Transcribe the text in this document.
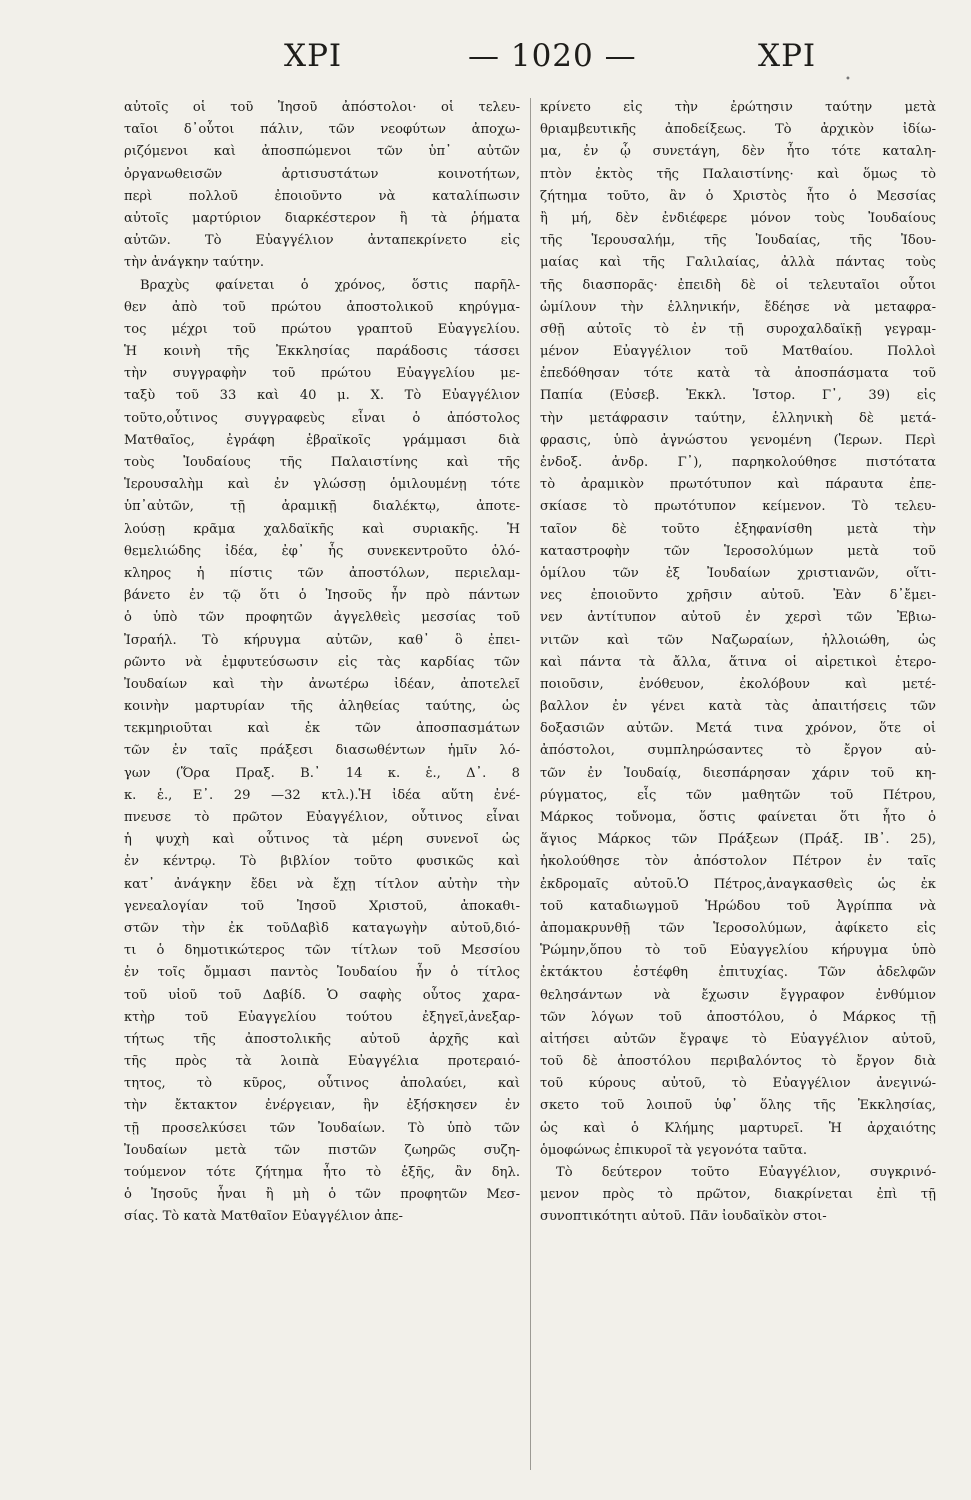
ΧΡΙ	— 1020 —	ΧΡΙ
•
αὐτοῖς οἱ τοῦ Ἰησοῦ ἀπόστολοι· οἱ τελευ-
ταῖοι δ᾽οὗτοι πάλιν, τῶν νεοφύτων ἀποχω-
ριζόμενοι καὶ ἀποσπώμενοι τῶν ὑπ᾽ αὐτῶν
ὀργανωθεισῶν ἀρτισυστάτων κοινοτήτων,
περὶ πολλοῦ ἐποιοῦντο νὰ καταλίπωσιν
αὐτοῖς μαρτύριον διαρκέστερον ἢ τὰ ῥήματα
αὐτῶν. Τὸ Εὐαγγέλιον ἀνταπεκρίνετο εἰς
τὴν ἀνάγκην ταύτην.
Βραχὺς φαίνεται ὁ χρόνος, ὅστις παρῆλ-
θεν ἀπὸ τοῦ πρώτου ἀποστολικοῦ κηρύγμα-
τος μέχρι τοῦ πρώτου γραπτοῦ Εὐαγγελίου.
Ἡ κοινὴ τῆς Ἐκκλησίας παράδοσις τάσσει
τὴν συγγραφὴν τοῦ πρώτου Εὐαγγελίου με-
ταξὺ τοῦ 33 καὶ 40 μ. Χ. Τὸ Εὐαγγέλιον
τοῦτο,οὗτινος συγγραφεὺς εἶναι ὁ ἀπόστολος
Ματθαῖος, ἐγράφη ἑβραϊκοῖς γράμμασι διὰ
τοὺς Ἰουδαίους τῆς Παλαιστίνης καὶ τῆς
Ἱερουσαλὴμ καὶ ἐν γλώσσῃ ὁμιλουμένῃ τότε
ὑπ᾽αὐτῶν, τῇ ἀραμικῇ διαλέκτῳ, ἀποτε-
λούσῃ κρᾶμα χαλδαϊκῆς καὶ συριακῆς. Ἡ
θεμελιώδης ἰδέα, ἐφ᾽ ἧς συνεκεντροῦτο ὁλό-
κληρος ἡ πίστις τῶν ἀποστόλων, περιελαμ-
βάνετο ἐν τῷ ὅτι ὁ Ἰησοῦς ἦν πρὸ πάντων
ὁ ὑπὸ τῶν προφητῶν ἀγγελθεὶς μεσσίας τοῦ
Ἰσραήλ. Τὸ κήρυγμα αὐτῶν, καθ᾽ ὃ ἐπει-
ρῶντο νὰ ἐμφυτεύσωσιν εἰς τὰς καρδίας τῶν
Ἰουδαίων καὶ τὴν ἀνωτέρω ἰδέαν, ἀποτελεῖ
κοινὴν μαρτυρίαν τῆς ἀληθείας ταύτης, ὡς
τεκμηριοῦται καὶ ἐκ τῶν ἀποσπασμάτων
τῶν ἐν ταῖς πράξεσι διασωθέντων ἡμῖν λό-
γων (Ὅρα Πραξ. Β.᾽ 14 κ. ἑ., Δ᾽. 8
κ. ἑ., Ε᾽. 29 —32 κτλ.).Ἡ ἰδέα αὕτη ἐνέ-
πνευσε τὸ πρῶτον Εὐαγγέλιον, οὗτινος εἶναι
ἡ ψυχὴ καὶ οὗτινος τὰ μέρη συνενοῖ ὡς
ἐν κέντρῳ. Τὸ βιβλίον τοῦτο φυσικῶς καὶ
κατ᾽ ἀνάγκην ἔδει νὰ ἔχῃ τίτλον αὐτὴν τὴν
γενεαλογίαν τοῦ Ἰησοῦ Χριστοῦ, ἀποκαθι-
στῶν τὴν ἐκ τοῦΔαβὶδ καταγωγὴν αὐτοῦ,διό-
τι ὁ δημοτικώτερος τῶν τίτλων τοῦ Μεσσίου
ἐν τοῖς ὄμμασι παντὸς Ἰουδαίου ἦν ὁ τίτλος
τοῦ υἱοῦ τοῦ Δαβίδ. Ὁ σαφὴς οὗτος χαρα-
κτὴρ τοῦ Εὐαγγελίου τούτου ἐξηγεῖ,ἀνεξαρ-
τήτως τῆς ἀποστολικῆς αὐτοῦ ἀρχῆς καὶ
τῆς πρὸς τὰ λοιπὰ Εὐαγγέλια προτεραιό-
τητος, τὸ κῦρος, οὗτινος ἀπολαύει, καὶ
τὴν ἔκτακτον ἐνέργειαν, ἣν ἐξήσκησεν ἐν
τῇ προσελκύσει τῶν Ἰουδαίων. Τὸ ὑπὸ τῶν
Ἰουδαίων μετὰ τῶν πιστῶν ζωηρῶς συζη-
τούμενον τότε ζήτημα ἦτο τὸ ἑξῆς, ἂν δηλ.
ὁ Ἰησοῦς ἦναι ἢ μὴ ὁ τῶν προφητῶν Μεσ-
σίας. Τὸ κατὰ Ματθαῖον Εὐαγγέλιον ἀπε-
κρίνετο εἰς τὴν ἐρώτησιν ταύτην μετὰ
θριαμβευτικῆς ἀποδείξεως. Τὸ ἀρχικὸν ἰδίω-
μα, ἐν ᾧ συνετάγη, δὲν ἦτο τότε καταλη-
πτὸν ἐκτὸς τῆς Παλαιστίνης· καὶ ὅμως τὸ
ζήτημα τοῦτο, ἂν ὁ Χριστὸς ἦτο ὁ Μεσσίας
ἢ μή, δὲν ἐνδιέφερε μόνον τοὺς Ἰουδαίους
τῆς Ἱερουσαλήμ, τῆς Ἰουδαίας, τῆς Ἰδου-
μαίας καὶ τῆς Γαλιλαίας, ἀλλὰ πάντας τοὺς
τῆς διασπορᾶς· ἐπειδὴ δὲ οἱ τελευταῖοι οὗτοι
ὡμίλουν τὴν ἑλληνικήν, ἔδέησε νὰ μεταφρα-
σθῇ αὐτοῖς τὸ ἐν τῇ συροχαλδαϊκῇ γεγραμ-
μένον Εὐαγγέλιον τοῦ Ματθαίου. Πολλοὶ
ἐπεδόθησαν τότε κατὰ τὰ ἀποσπάσματα τοῦ
Παπία (Εὐσεβ. Ἐκκλ. Ἱστορ. Γ᾽, 39) εἰς
τὴν μετάφρασιν ταύτην, ἑλληνικὴ δὲ μετά-
φρασις, ὑπὸ ἀγνώστου γενομένη (Ἱερων. Περὶ
ἐνδοξ. ἀνδρ. Γ᾽), παρηκολούθησε πιστότατα
τὸ ἀραμικὸν πρωτότυπον καὶ πάραυτα ἐπε-
σκίασε τὸ πρωτότυπον κείμενον. Τὸ τελευ-
ταῖον δὲ τοῦτο ἐξηφανίσθη μετὰ τὴν
καταστροφὴν τῶν Ἱεροσολύμων μετὰ τοῦ
ὁμίλου τῶν ἐξ Ἰουδαίων χριστιανῶν, οἵτι-
νες ἐποιοῦντο χρῆσιν αὐτοῦ. Ἐὰν δ᾽ἔμει-
νεν ἀντίτυπον αὐτοῦ ἐν χερσὶ τῶν Ἐβιω-
νιτῶν καὶ τῶν Ναζωραίων, ἠλλοιώθη, ὡς
καὶ πάντα τὰ ἄλλα, ἅτινα οἱ αἱρετικοὶ ἑτερο-
ποιοῦσιν, ἐνόθευον, ἐκολόβουν καὶ μετέ-
βαλλον ἐν γένει κατὰ τὰς ἀπαιτήσεις τῶν
δοξασιῶν αὐτῶν. Μετά τινα χρόνον, ὅτε οἱ
ἀπόστολοι, συμπληρώσαντες τὸ ἔργον αὐ-
τῶν ἐν Ἰουδαίᾳ, διεσπάρησαν χάριν τοῦ κη-
ρύγματος, εἷς τῶν μαθητῶν τοῦ Πέτρου,
Μάρκος τοὔνομα, ὅστις φαίνεται ὅτι ἦτο ὁ
ἅγιος Μάρκος τῶν Πράξεων (Πράξ. ΙΒ᾽. 25),
ἠκολούθησε τὸν ἀπόστολον Πέτρον ἐν ταῖς
ἐκδρομαῖς αὐτοῦ.Ὁ Πέτρος,ἀναγκασθεὶς ὡς ἐκ
τοῦ καταδιωγμοῦ Ἡρώδου τοῦ Ἀγρίππα νὰ
ἀπομακρυνθῇ τῶν Ἱεροσολύμων, ἀφίκετο εἰς
Ῥώμην,ὅπου τὸ τοῦ Εὐαγγελίου κήρυγμα ὑπὸ
ἐκτάκτου ἐστέφθη ἐπιτυχίας. Τῶν ἀδελφῶν
θελησάντων νὰ ἔχωσιν ἔγγραφον ἐνθύμιον
τῶν λόγων τοῦ ἀποστόλου, ὁ Μάρκος τῇ
αἰτήσει αὐτῶν ἔγραψε τὸ Εὐαγγέλιον αὐτοῦ,
τοῦ δὲ ἀποστόλου περιβαλόντος τὸ ἔργον διὰ
τοῦ κύρους αὐτοῦ, τὸ Εὐαγγέλιον ἀνεγινώ-
σκετο τοῦ λοιποῦ ὑφ᾽ ὅλης τῆς Ἐκκλησίας,
ὡς καὶ ὁ Κλήμης μαρτυρεῖ. Ἡ ἀρχαιότης
ὁμοφώνως ἐπικυροῖ τὰ γεγονότα ταῦτα.
Τὸ δεύτερον τοῦτο Εὐαγγέλιον, συγκρινό-
μενον πρὸς τὸ πρῶτον, διακρίνεται ἐπὶ τῇ
συνοπτικότητι αὐτοῦ. Πᾶν ἰουδαϊκὸν στοι-
